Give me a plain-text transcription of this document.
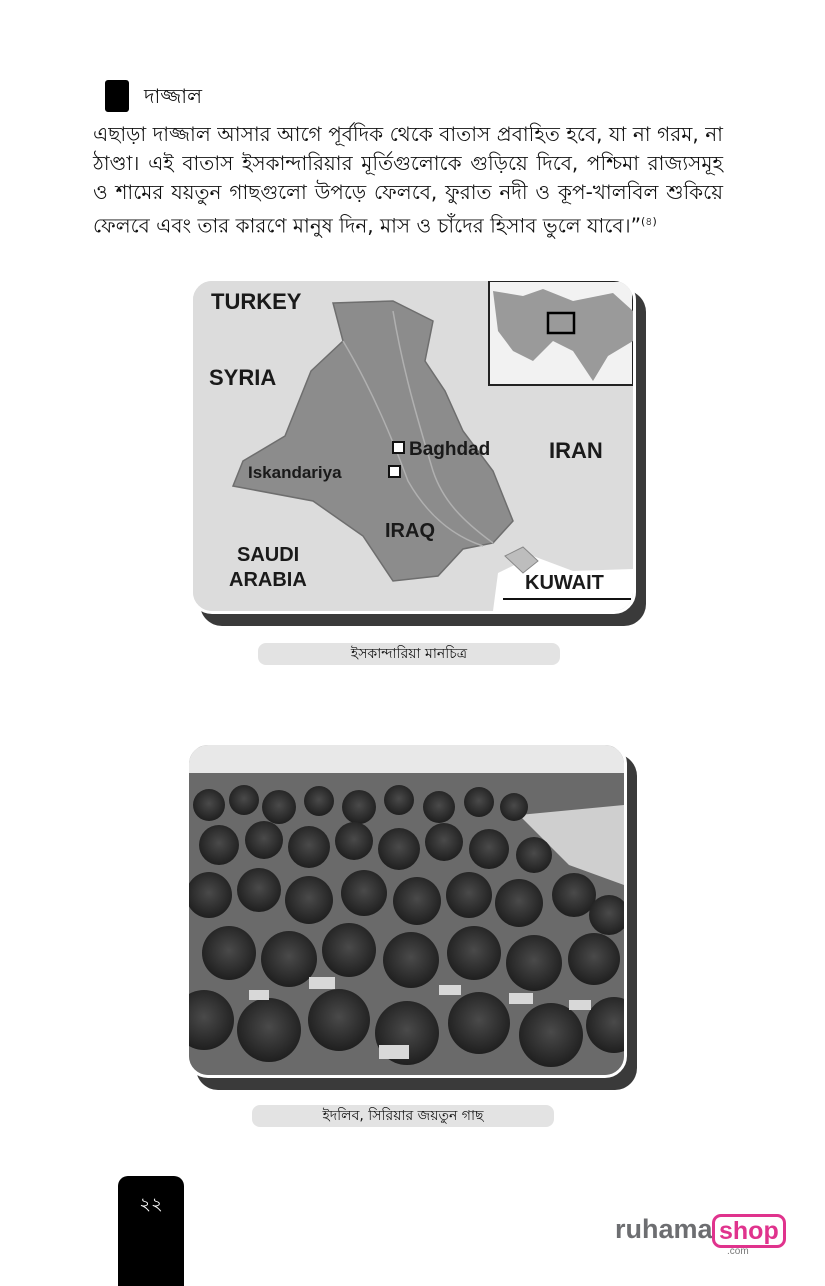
দাজ্জাল

এছাড়া দাজ্জাল আসার আগে পূর্বদিক থেকে বাতাস প্রবাহিত হবে, যা না গরম, না ঠাণ্ডা। এই বাতাস ইসকান্দারিয়ার মূর্তিগুলোকে গুড়িয়ে দিবে, পশ্চিমা রাজ্যসমূহ ও শামের যয়তুন গাছগুলো উপড়ে ফেলবে, ফুরাত নদী ও কূপ-খালবিল শুকিয়ে ফেলবে এবং তার কারণে মানুষ দিন, মাস ও চাঁদের হিসাব ভুলে যাবে।”$^{(৪)}$

TURKEY
SYRIA
IRAN
IRAQ
SAUDI
ARABIA	KUWAIT
Baghdad
Iskandariya
ইসকান্দারিয়া মানচিত্র
ইদলিব, সিরিয়ার জয়তুন গাছ
২২
ruhama shop
.com
